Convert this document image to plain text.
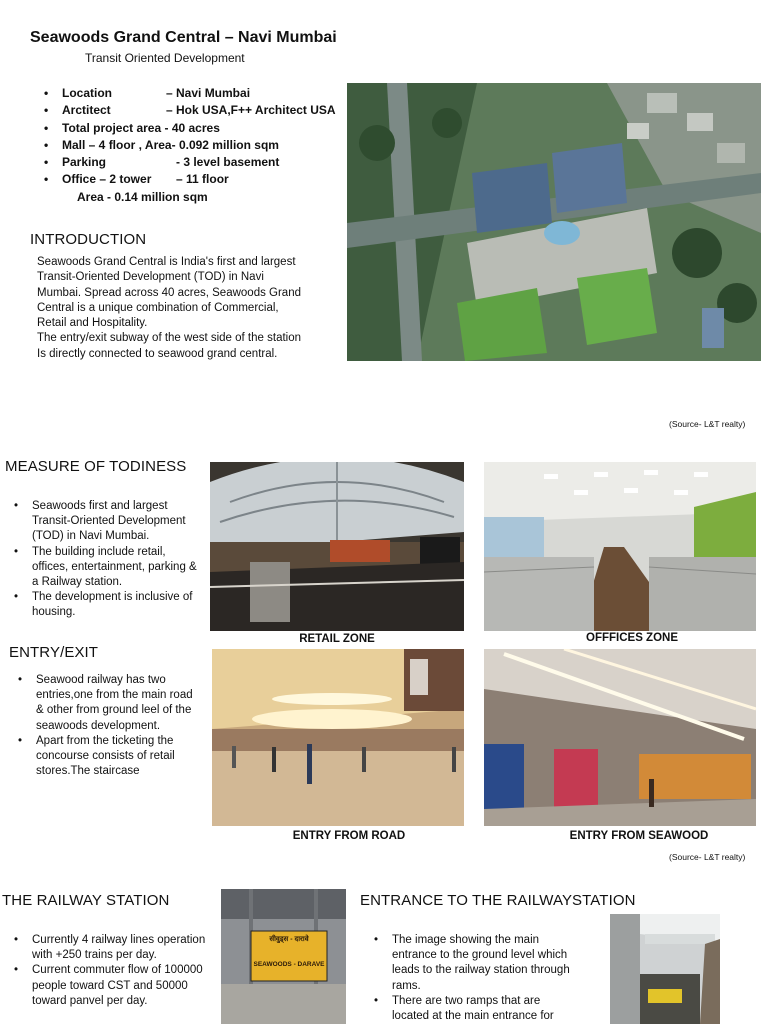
Seawoods Grand Central – Navi Mumbai
Transit Oriented Development
• Location	– Navi Mumbai
• Arctitect	– Hok USA,F++ Architect USA
• Total project area - 40 acres
• Mall – 4 floor , Area- 0.092 million sqm
• Parking	- 3 level basement
• Office – 2 tower – 11 floor
Area - 0.14 million sqm
INTRODUCTION
Seawoods Grand Central is India's first and largest
Transit-Oriented Development (TOD) in Navi
Mumbai. Spread across 40 acres, Seawoods Grand
Central is a unique combination of Commercial,
Retail and Hospitality.
The entry/exit subway of the west side of the station
Is directly connected to seawood grand central.
(Source- L&T realty)
MEASURE OF TODINESS
• Seawoods first and largest Transit-Oriented Development (TOD) in Navi Mumbai.
• The building include retail, offices, entertainment, parking & a Railway station.
• The development is inclusive of housing.
RETAIL ZONE	OFFFICES ZONE
ENTRY/EXIT
• Seawood railway has two entries,one from the main road & other from ground leel of the seawoods development.
• Apart from the ticketing the concourse consists of retail stores.The staircase
ENTRY FROM ROAD	ENTRY FROM SEAWOOD
(Source- L&T realty)
THE RAILWAY STATION
• Currently 4 railway lines operation with +250 trains per day.
• Current commuter flow of 100000 people toward CST and 50000 toward panvel per day.
सीवुड्स - दारावे
SEAWOODS - DARAVE
ENTRANCE TO THE RAILWAYSTATION
• The image showing the main entrance to the ground level which leads to the railway station through rams.
• There are two ramps that are located at the main entrance for
